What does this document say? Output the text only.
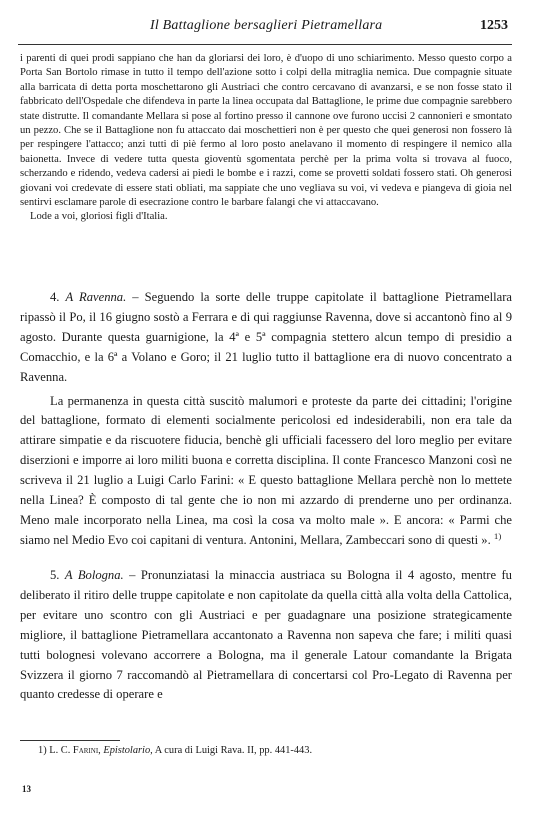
Il Battaglione bersaglieri Pietramellara	1253

i parenti di quei prodi sappiano che han da gloriarsi dei loro, è d'uopo di uno schiarimento. Messo questo corpo a Porta San Bortolo rimase in tutto il tempo dell'azione sotto i colpi della mitraglia nemica. Due compagnie situate alla barricata di detta porta moschettarono gli Austriaci che contro cercavano di avanzarsi, e se non fosse stato il fabbricato dell'Ospedale che difendeva in parte la linea occupata dal Battaglione, le prime due compagnie sarebbero state distrutte. Il comandante Mellara si pose al fortino presso il cannone ove furono uccisi 2 cannonieri e smontato un pezzo. Che se il Battaglione non fu attaccato dai moschettieri non è per questo che quei generosi non fossero là per respingere l'attacco; anzi tutti di piè fermo al loro posto anelavano il momento di respingere il nemico alla baionetta. Invece di vedere tutta questa gioventù sgomentata perchè per la prima volta si trovava al fuoco, scherzando e ridendo, vedeva cadersi ai piedi le bombe e i razzi, come se provetti soldati fossero stati. Oh generosi giovani voi credevate di essere stati obliati, ma sappiate che uno vegliava su voi, vi vedeva e piangeva di gioia nel sentirvi esclamare parole di esecrazione contro le barbare falangi che vi attaccavano.

Lode a voi, gloriosi figli d'Italia.

4. A Ravenna. – Seguendo la sorte delle truppe capitolate il battaglione Pietramellara ripassò il Po, il 16 giugno sostò a Ferrara e di qui raggiunse Ravenna, dove si accantonò fino al 9 agosto. Durante questa guarnigione, la 4ª e 5ª compagnia stettero alcun tempo di presidio a Comacchio, e la 6ª a Volano e Goro; il 21 luglio tutto il battaglione era di nuovo concentrato a Ravenna.

La permanenza in questa città suscitò malumori e proteste da parte dei cittadini; l'origine del battaglione, formato di elementi socialmente pericolosi ed indesiderabili, non era tale da attirare simpatie e da riscuotere fiducia, benchè gli ufficiali facessero del loro meglio per evitare diserzioni e imporre ai loro militi buona e corretta disciplina. Il conte Francesco Manzoni così ne scriveva il 21 luglio a Luigi Carlo Farini: « E questo battaglione Mellara perchè non lo mettete nella Linea? È composto di tal gente che io non mi azzardo di prenderne uno per ordinanza. Meno male incorporato nella Linea, ma così la cosa va molto male ». E ancora: « Parmi che siamo nel Medio Evo coi capitani di ventura. Antonini, Mellara, Zambeccari sono di questi ». $^{1)}$

5. A Bologna. – Pronunziatasi la minaccia austriaca su Bologna il 4 agosto, mentre fu deliberato il ritiro delle truppe capitolate e non capitolate da quella città alla volta della Cattolica, per evitare uno scontro con gli Austriaci e per guadagnare una posizione strategicamente migliore, il battaglione Pietramellara accantonato a Ravenna non sapeva che fare; i militi quasi tutti bolognesi volevano accorrere a Bologna, ma il generale Latour comandante la Brigata Svizzera il giorno 7 raccomandò al Pietramellara di concertarsi col Pro-Legato di Ravenna per quanto credesse di operare e

1) L. C. Farini, Epistolario, A cura di Luigi Rava. II, pp. 441-443.
13
